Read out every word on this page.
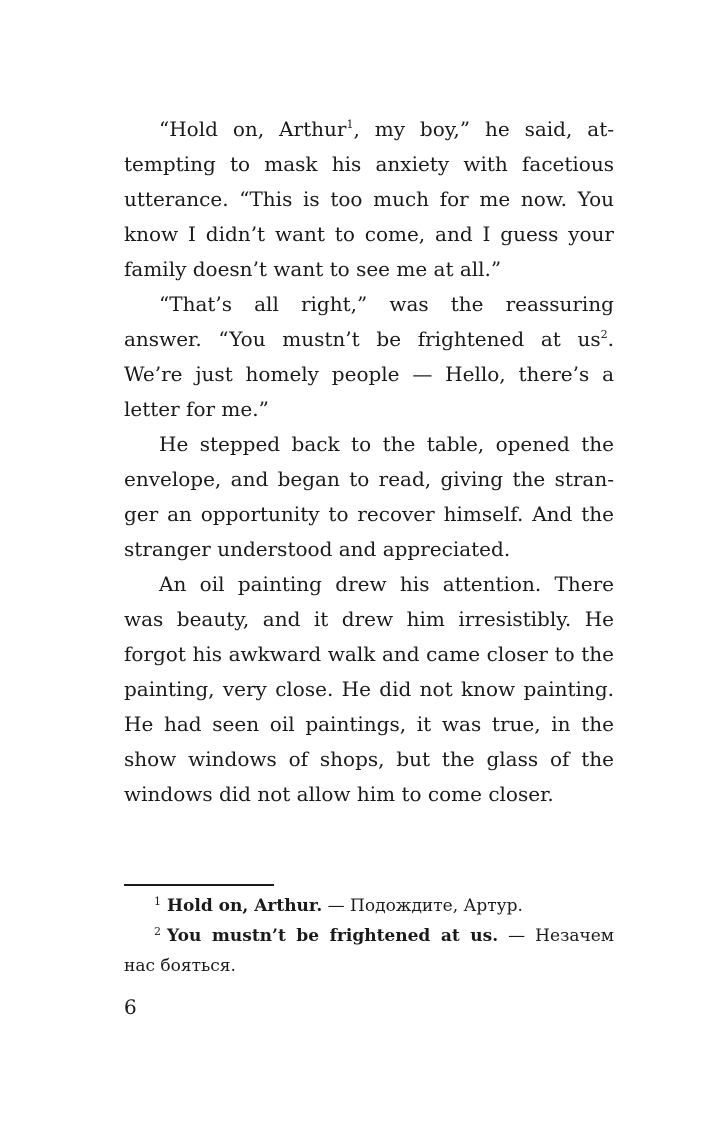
“Hold on, Arthur$^1$, my boy,” he said, attempting to mask his anxiety with facetious utterance. “This is too much for me now. You know I didn’t want to come, and I guess your family doesn’t want to see me at all.”

“That’s all right,” was the reassuring answer. “You mustn’t be frightened at $us^2$. We’re just homely people — Hello, there’s a letter for me.”

He stepped back to the table, opened the envelope, and began to read, giving the stranger an opportunity to recover himself. And the stranger understood and appreciated.

An oil painting drew his attention. There was beauty, and it drew him irresistibly. He forgot his awkward walk and came closer to the painting, very close. He did not know painting. He had seen oil paintings, it was true, in the show windows of shops, but the glass of the windows did not allow him to come closer.

$^1$ Hold on, Arthur. — Подождите, Артур.

$^2$ You mustn’t be frightened at us. — Незачем нас бояться.

6
